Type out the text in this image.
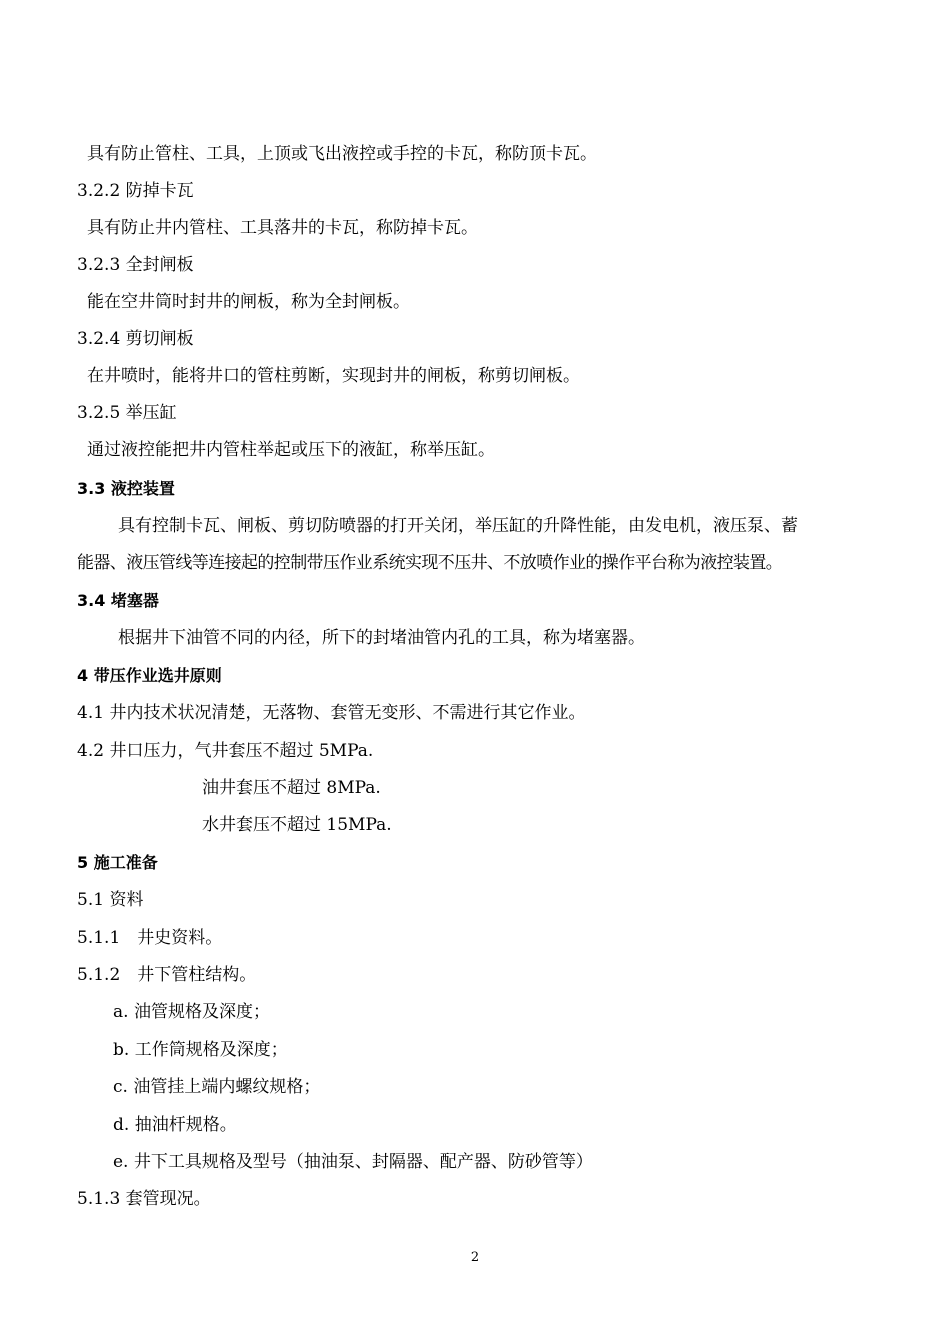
具有防止管柱、工具，上顶或飞出液控或手控的卡瓦，称防顶卡瓦。
3.2.2 防掉卡瓦
具有防止井内管柱、工具落井的卡瓦，称防掉卡瓦。
3.2.3 全封闸板
能在空井筒时封井的闸板，称为全封闸板。
3.2.4 剪切闸板
在井喷时，能将井口的管柱剪断，实现封井的闸板，称剪切闸板。
3.2.5 举压缸
通过液控能把井内管柱举起或压下的液缸，称举压缸。
3.3 液控装置
具有控制卡瓦、闸板、剪切防喷器的打开关闭，举压缸的升降性能，由发电机，液压泵、蓄
能器、液压管线等连接起的控制带压作业系统实现不压井、不放喷作业的操作平台称为液控装置。
3.4 堵塞器
根据井下油管不同的内径，所下的封堵油管内孔的工具，称为堵塞器。
4 带压作业选井原则
4.1 井内技术状况清楚，无落物、套管无变形、不需进行其它作业。
4.2 井口压力，气井套压不超过 5MPa.
油井套压不超过 8MPa.
水井套压不超过 15MPa.
5 施工准备
5.1 资料
5.1.1　井史资料。
5.1.2　井下管柱结构。
a. 油管规格及深度；
b. 工作筒规格及深度；
c. 油管挂上端内螺纹规格；
d. 抽油杆规格。
e. 井下工具规格及型号（抽油泵、封隔器、配产器、防砂管等）
5.1.3 套管现况。
2
